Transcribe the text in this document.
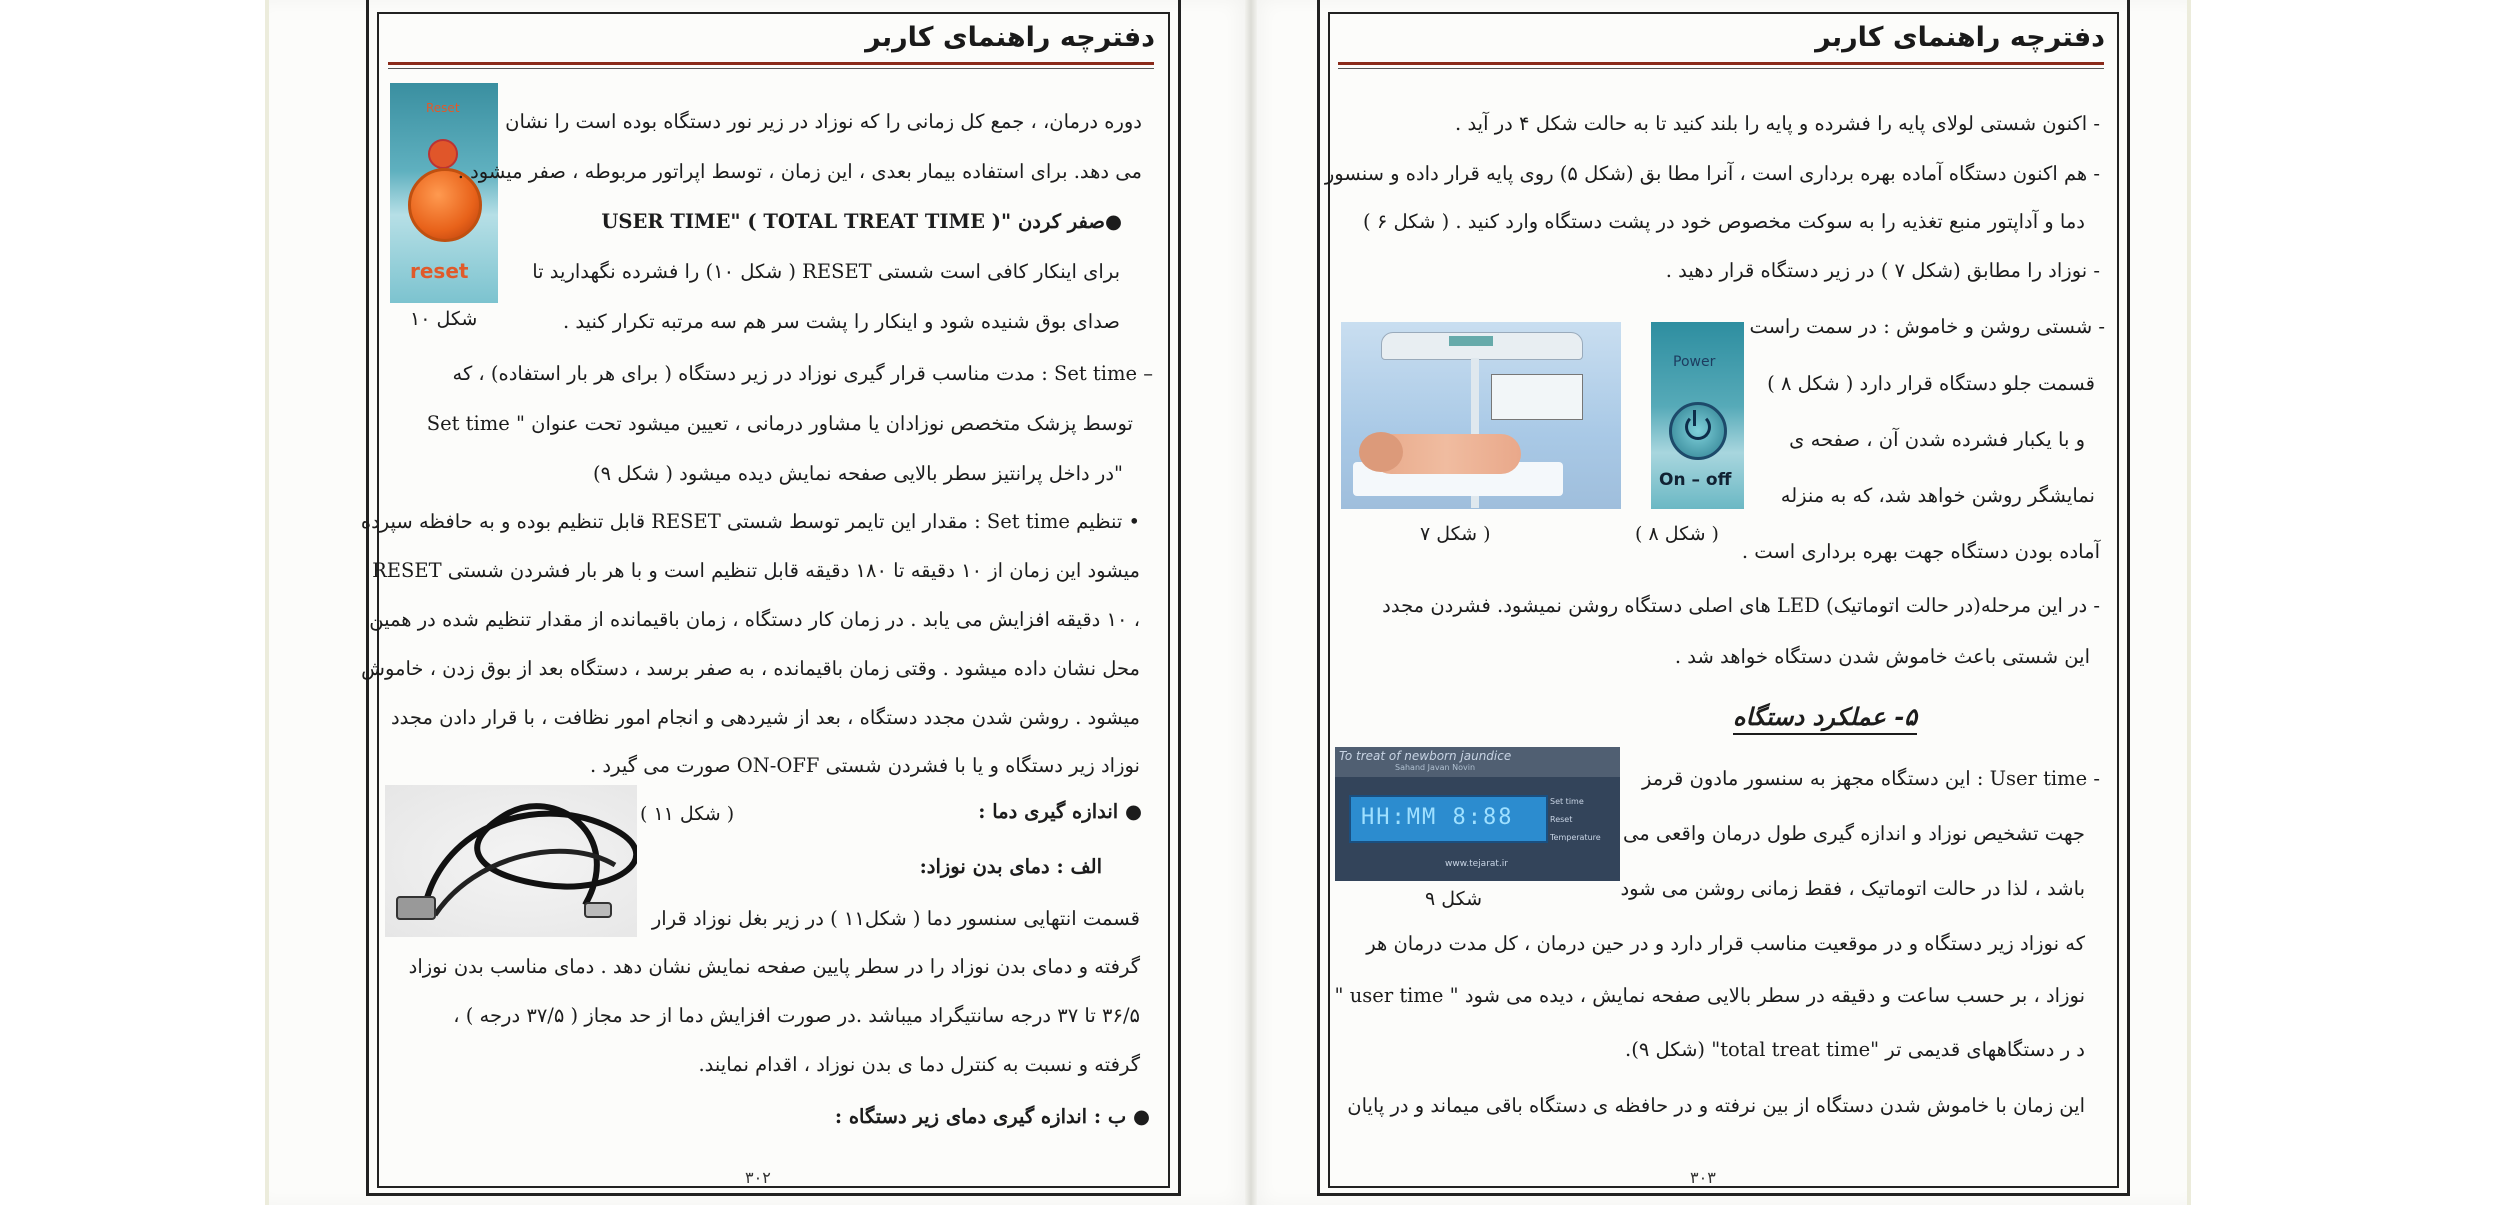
دفترچه راهنمای کاربر	دفترچه راهنمای کاربر
Reset
reset
شکل ۱۰
دوره درمان، ، جمع کل زمانی را که نوزاد در زیر نور دستگاه بوده است را نشان
می دهد. برای استفاده بیمار بعدی ، این زمان ، توسط اپراتور مربوطه ، صفر میشود .
●صفر کردن "USER TIME" ( TOTAL TREAT TIME )
برای اینکار کافی است شستی RESET ( شکل ۱۰) را فشرده نگهدارید تا
صدای بوق شنیده شود و اینکار را پشت سر هم سه مرتبه تکرار کنید .
– Set time : مدت مناسب قرار گیری نوزاد در زیر دستگاه ( برای هر بار استفاده) ، که
توسط پزشک متخصص نوزادان یا مشاور درمانی ، تعیین میشود تحت عنوان " Set time
"در داخل پرانتیز سطر بالایی صفحه نمایش دیده میشود ( شکل ۹)
• تنظیم Set time : مقدار این تایمر توسط شستی RESET قابل تنظیم بوده و به حافظه سپرده
میشود این زمان از ۱۰ دقیقه تا ۱۸۰ دقیقه قابل تنظیم است و با هر بار فشردن شستی RESET
، ۱۰ دقیقه افزایش می یابد . در زمان کار دستگاه ، زمان باقیمانده از مقدار تنظیم شده در همین
محل نشان داده میشود . وقتی زمان باقیمانده ، به صفر برسد ، دستگاه بعد از بوق زدن ، خاموش
میشود . روشن شدن مجدد دستگاه ، بعد از شیردهی و انجام امور نظافت ، با قرار دادن مجدد
نوزاد زیر دستگاه و یا با فشردن شستی ON-OFF صورت می گیرد .
● اندازه گیری دما :
( شکل ۱۱ )
الف : دمای بدن نوزاد:
قسمت انتهایی سنسور دما ( شکل۱۱ ) در زیر بغل نوزاد قرار
گرفته و دمای بدن نوزاد را در سطر پایین صفحه نمایش نشان دهد . دمای مناسب بدن نوزاد
۳۶/۵ تا ۳۷ درجه سانتیگراد میباشد .در صورت افزایش دما از حد مجاز ( ۳۷/۵ درجه ) ،
گرفته و نسبت به کنترل دما ی بدن نوزاد ، اقدام نمایند.
● ب : اندازه گیری دمای زیر دستگاه :
۳۰۲
- اکنون شستی لولای پایه را فشرده و پایه را بلند کنید تا به حالت شکل ۴ در آید .
- هم اکنون دستگاه آماده بهره برداری است ، آنرا مطا بق (شکل ۵) روی پایه قرار داده و سنسور
دما و آداپتور منبع تغذیه را به سوکت مخصوص خود در پشت دستگاه وارد کنید . ( شکل ۶ )
- نوزاد را مطابق (شکل ۷ ) در زیر دستگاه قرار دهید .
( شکل ۷
Power
On – off
( شکل ۸ )
- شستی روشن و خاموش : در سمت راست
قسمت جلو دستگاه قرار دارد ( شکل ۸ )
و با یکبار فشرده شدن آن ، صفحه ی
نمایشگر روشن خواهد شد، که به منزله
آماده بودن دستگاه جهت بهره برداری است .
- در این مرحله(در حالت اتوماتیک) LED های اصلی دستگاه روشن نمیشود. فشردن مجدد
این شستی باعث خاموش شدن دستگاه خواهد شد .
۵- عملکرد دستگاه
To treat of newborn jaundice
Sahand Javan Novin
HH:MM 8:88
Set time
Reset
Temperature
www.tejarat.ir
شکل ۹
- User time : این دستگاه مجهز به سنسور مادون قرمز
جهت تشخیص نوزاد و اندازه گیری طول درمان واقعی می
باشد ، لذا در حالت اتوماتیک ، فقط زمانی روشن می شود
که نوزاد زیر دستگاه و در موقعیت مناسب قرار دارد و در حین درمان ، کل مدت درمان هر
نوزاد ، بر حسب ساعت و دقیقه در سطر بالایی صفحه نمایش ، دیده می شود " user time "
د ر دستگاههای قدیمی تر "total treat time" (شکل ۹).
این زمان با خاموش شدن دستگاه از بین نرفته و در حافظه ی دستگاه باقی میماند و در پایان
۳۰۳
